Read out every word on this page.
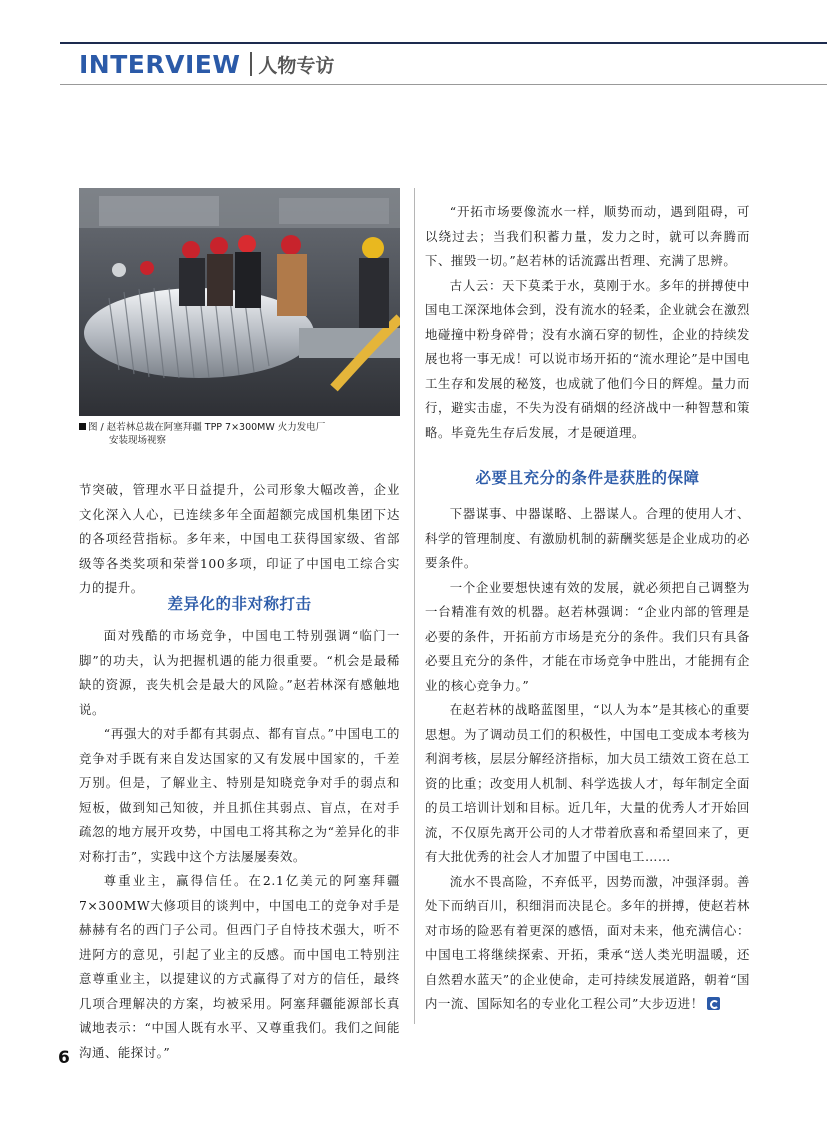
INTERVIEW 人物专访
图 / 赵若林总裁在阿塞拜疆 TPP 7×300MW 火力发电厂
安装现场视察

节突破，管理水平日益提升，公司形象大幅改善，企业文化深入人心，已连续多年全面超额完成国机集团下达的各项经营指标。多年来，中国电工获得国家级、省部级等各类奖项和荣誉100多项，印证了中国电工综合实力的提升。

差异化的非对称打击

面对残酷的市场竞争，中国电工特别强调“临门一脚”的功夫，认为把握机遇的能力很重要。“机会是最稀缺的资源，丧失机会是最大的风险。”赵若林深有感触地说。

“再强大的对手都有其弱点、都有盲点。”中国电工的竞争对手既有来自发达国家的又有发展中国家的，千差万别。但是，了解业主、特别是知晓竞争对手的弱点和短板，做到知己知彼，并且抓住其弱点、盲点，在对手疏忽的地方展开攻势，中国电工将其称之为“差异化的非对称打击”，实践中这个方法屡屡奏效。

尊重业主，赢得信任。在2.1亿美元的阿塞拜疆7×300MW大修项目的谈判中，中国电工的竞争对手是赫赫有名的西门子公司。但西门子自恃技术强大，听不进阿方的意见，引起了业主的反感。而中国电工特别注意尊重业主，以提建议的方式赢得了对方的信任，最终几项合理解决的方案，均被采用。阿塞拜疆能源部长真诚地表示：“中国人既有水平、又尊重我们。我们之间能沟通、能探讨。”

“开拓市场要像流水一样，顺势而动，遇到阻碍，可以绕过去；当我们积蓄力量，发力之时，就可以奔腾而下、摧毁一切。”赵若林的话流露出哲理、充满了思辨。

古人云：天下莫柔于水，莫刚于水。多年的拼搏使中国电工深深地体会到，没有流水的轻柔，企业就会在激烈地碰撞中粉身碎骨；没有水滴石穿的韧性，企业的持续发展也将一事无成！可以说市场开拓的“流水理论”是中国电工生存和发展的秘笈，也成就了他们今日的辉煌。量力而行，避实击虚，不失为没有硝烟的经济战中一种智慧和策略。毕竟先生存后发展，才是硬道理。

必要且充分的条件是获胜的保障

下器谋事、中器谋略、上器谋人。合理的使用人才、科学的管理制度、有激励机制的薪酬奖惩是企业成功的必要条件。

一个企业要想快速有效的发展，就必须把自己调整为一台精准有效的机器。赵若林强调：“企业内部的管理是必要的条件，开拓前方市场是充分的条件。我们只有具备必要且充分的条件，才能在市场竞争中胜出，才能拥有企业的核心竞争力。”

在赵若林的战略蓝图里，“以人为本”是其核心的重要思想。为了调动员工们的积极性，中国电工变成本考核为利润考核，层层分解经济指标，加大员工绩效工资在总工资的比重；改变用人机制、科学选拔人才，每年制定全面的员工培训计划和目标。近几年，大量的优秀人才开始回流，不仅原先离开公司的人才带着欣喜和希望回来了，更有大批优秀的社会人才加盟了中国电工……

流水不畏高险，不弃低平，因势而激，冲强泽弱。善处下而纳百川，积细涓而决昆仑。多年的拼搏，使赵若林对市场的险恶有着更深的感悟，面对未来，他充满信心：中国电工将继续探索、开拓，秉承“送人类光明温暖，还自然碧水蓝天”的企业使命，走可持续发展道路，朝着“国内一流、国际知名的专业化工程公司”大步迈进！

6
